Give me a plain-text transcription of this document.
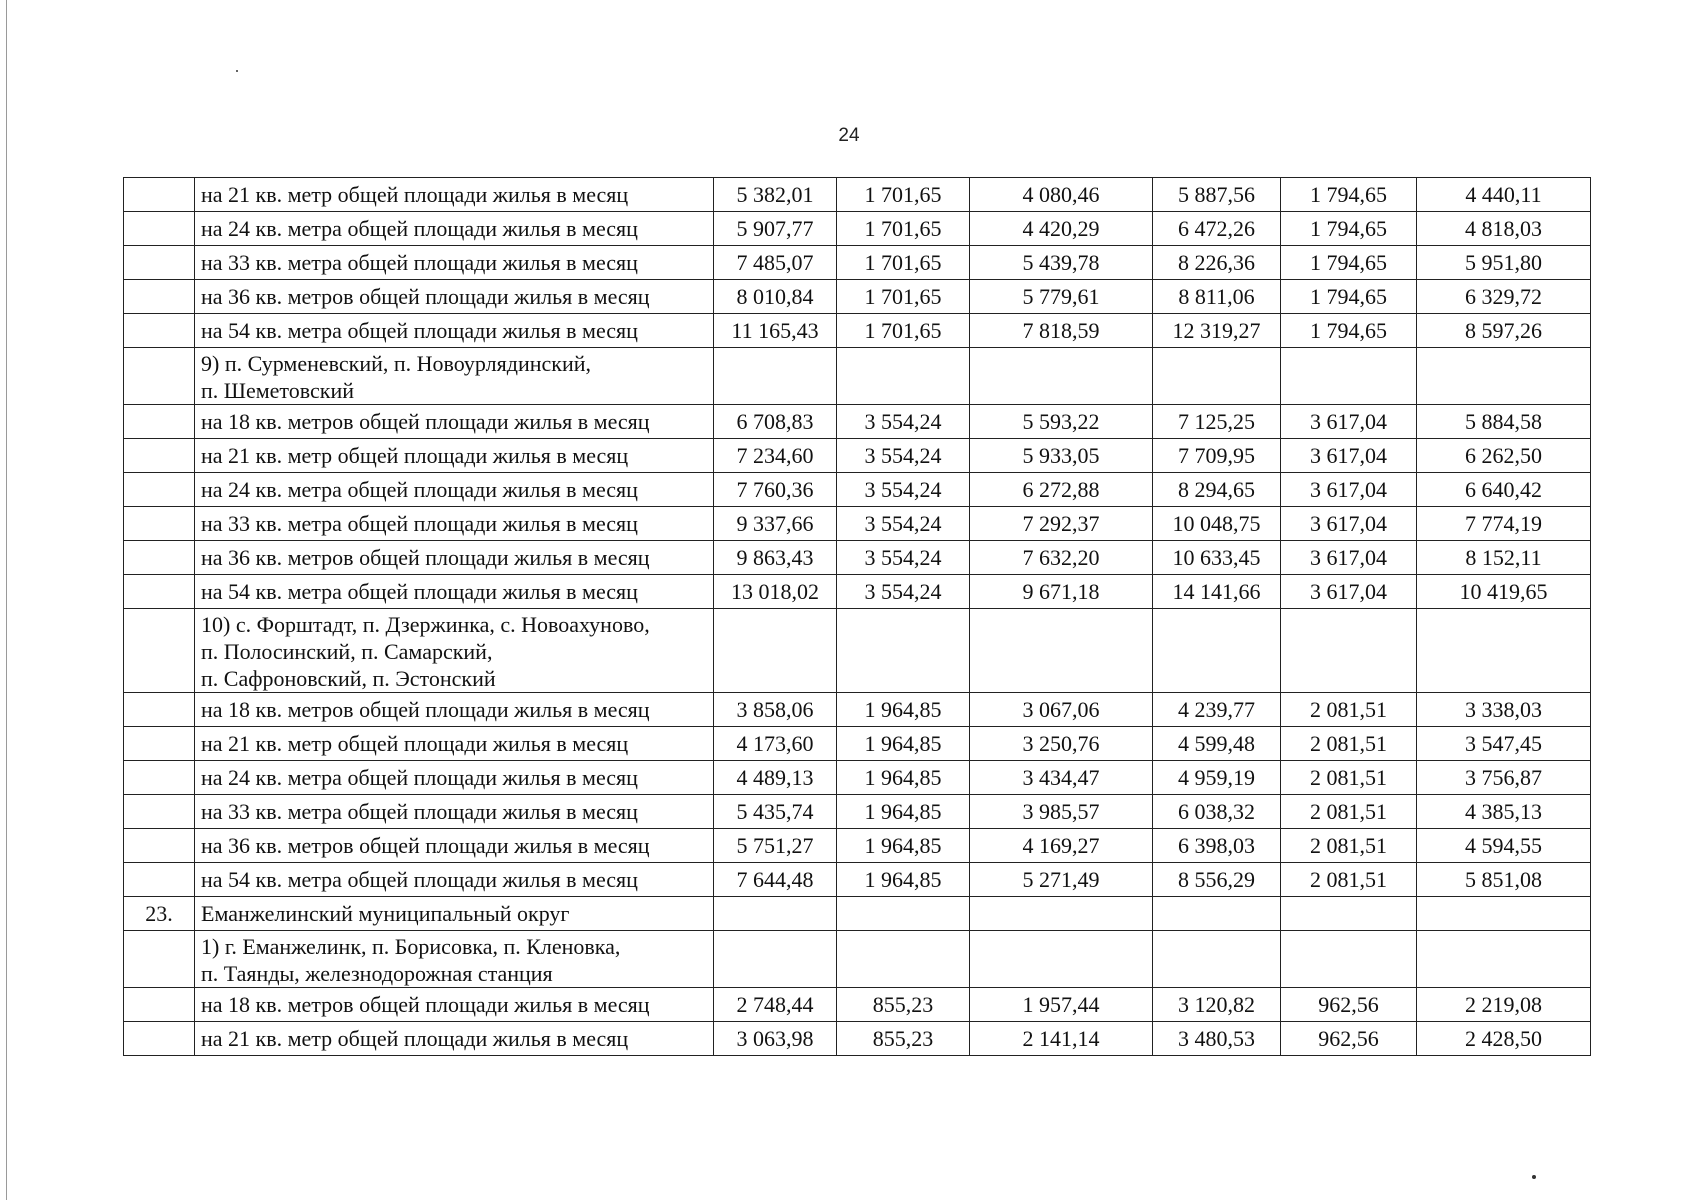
24
	на 21 кв. метр общей площади жилья в месяц	5 382,01	1 701,65	4 080,46	5 887,56	1 794,65	4 440,11
	на 24 кв. метра общей площади жилья в месяц	5 907,77	1 701,65	4 420,29	6 472,26	1 794,65	4 818,03
	на 33 кв. метра общей площади жилья в месяц	7 485,07	1 701,65	5 439,78	8 226,36	1 794,65	5 951,80
	на 36 кв. метров общей площади жилья в месяц	8 010,84	1 701,65	5 779,61	8 811,06	1 794,65	6 329,72
	на 54 кв. метра общей площади жилья в месяц	11 165,43	1 701,65	7 818,59	12 319,27	1 794,65	8 597,26
	9) п. Сурменевский, п. Новоурлядинский,
п. Шеметовский						
	на 18 кв. метров общей площади жилья в месяц	6 708,83	3 554,24	5 593,22	7 125,25	3 617,04	5 884,58
	на 21 кв. метр общей площади жилья в месяц	7 234,60	3 554,24	5 933,05	7 709,95	3 617,04	6 262,50
	на 24 кв. метра общей площади жилья в месяц	7 760,36	3 554,24	6 272,88	8 294,65	3 617,04	6 640,42
	на 33 кв. метра общей площади жилья в месяц	9 337,66	3 554,24	7 292,37	10 048,75	3 617,04	7 774,19
	на 36 кв. метров общей площади жилья в месяц	9 863,43	3 554,24	7 632,20	10 633,45	3 617,04	8 152,11
	на 54 кв. метра общей площади жилья в месяц	13 018,02	3 554,24	9 671,18	14 141,66	3 617,04	10 419,65
	10) с. Форштадт, п. Дзержинка, с. Новоахуново,
п. Полосинский, п. Самарский,
п. Сафроновский, п. Эстонский						
	на 18 кв. метров общей площади жилья в месяц	3 858,06	1 964,85	3 067,06	4 239,77	2 081,51	3 338,03
	на 21 кв. метр общей площади жилья в месяц	4 173,60	1 964,85	3 250,76	4 599,48	2 081,51	3 547,45
	на 24 кв. метра общей площади жилья в месяц	4 489,13	1 964,85	3 434,47	4 959,19	2 081,51	3 756,87
	на 33 кв. метра общей площади жилья в месяц	5 435,74	1 964,85	3 985,57	6 038,32	2 081,51	4 385,13
	на 36 кв. метров общей площади жилья в месяц	5 751,27	1 964,85	4 169,27	6 398,03	2 081,51	4 594,55
	на 54 кв. метра общей площади жилья в месяц	7 644,48	1 964,85	5 271,49	8 556,29	2 081,51	5 851,08
23.	Еманжелинский муниципальный округ						
	1) г. Еманжелинк, п. Борисовка, п. Кленовка,
п. Таянды, железнодорожная станция						
	на 18 кв. метров общей площади жилья в месяц	2 748,44	855,23	1 957,44	3 120,82	962,56	2 219,08
	на 21 кв. метр общей площади жилья в месяц	3 063,98	855,23	2 141,14	3 480,53	962,56	2 428,50
